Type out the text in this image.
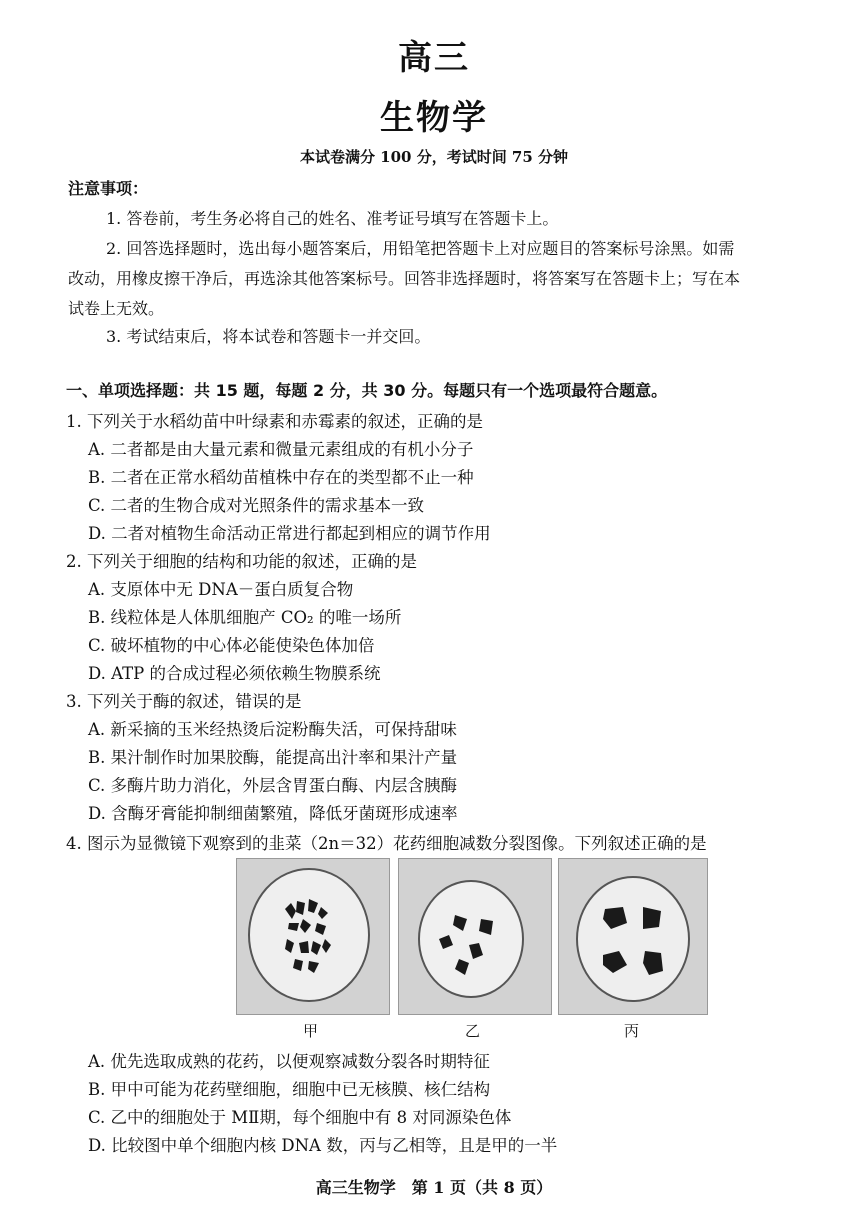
高三
生物学
本试卷满分 100 分，考试时间 75 分钟
注意事项：
1. 答卷前，考生务必将自己的姓名、准考证号填写在答题卡上。
2. 回答选择题时，选出每小题答案后，用铅笔把答题卡上对应题目的答案标号涂黑。如需
改动，用橡皮擦干净后，再选涂其他答案标号。回答非选择题时，将答案写在答题卡上；写在本
试卷上无效。
3. 考试结束后，将本试卷和答题卡一并交回。
一、单项选择题：共 15 题，每题 2 分，共 30 分。每题只有一个选项最符合题意。
1. 下列关于水稻幼苗中叶绿素和赤霉素的叙述，正确的是
A. 二者都是由大量元素和微量元素组成的有机小分子
B. 二者在正常水稻幼苗植株中存在的类型都不止一种
C. 二者的生物合成对光照条件的需求基本一致
D. 二者对植物生命活动正常进行都起到相应的调节作用
2. 下列关于细胞的结构和功能的叙述，正确的是
A. 支原体中无 DNA－蛋白质复合物
B. 线粒体是人体肌细胞产 CO₂ 的唯一场所
C. 破坏植物的中心体必能使染色体加倍
D. ATP 的合成过程必须依赖生物膜系统
3. 下列关于酶的叙述，错误的是
A. 新采摘的玉米经热烫后淀粉酶失活，可保持甜味
B. 果汁制作时加果胶酶，能提高出汁率和果汁产量
C. 多酶片助力消化，外层含胃蛋白酶、内层含胰酶
D. 含酶牙膏能抑制细菌繁殖，降低牙菌斑形成速率
4. 图示为显微镜下观察到的韭菜（2n＝32）花药细胞减数分裂图像。下列叙述正确的是
甲	乙	丙
A. 优先选取成熟的花药，以便观察减数分裂各时期特征
B. 甲中可能为花药壁细胞，细胞中已无核膜、核仁结构
C. 乙中的细胞处于 MⅡ期，每个细胞中有 8 对同源染色体
D. 比较图中单个细胞内核 DNA 数，丙与乙相等，且是甲的一半
高三生物学　第 1 页（共 8 页）
